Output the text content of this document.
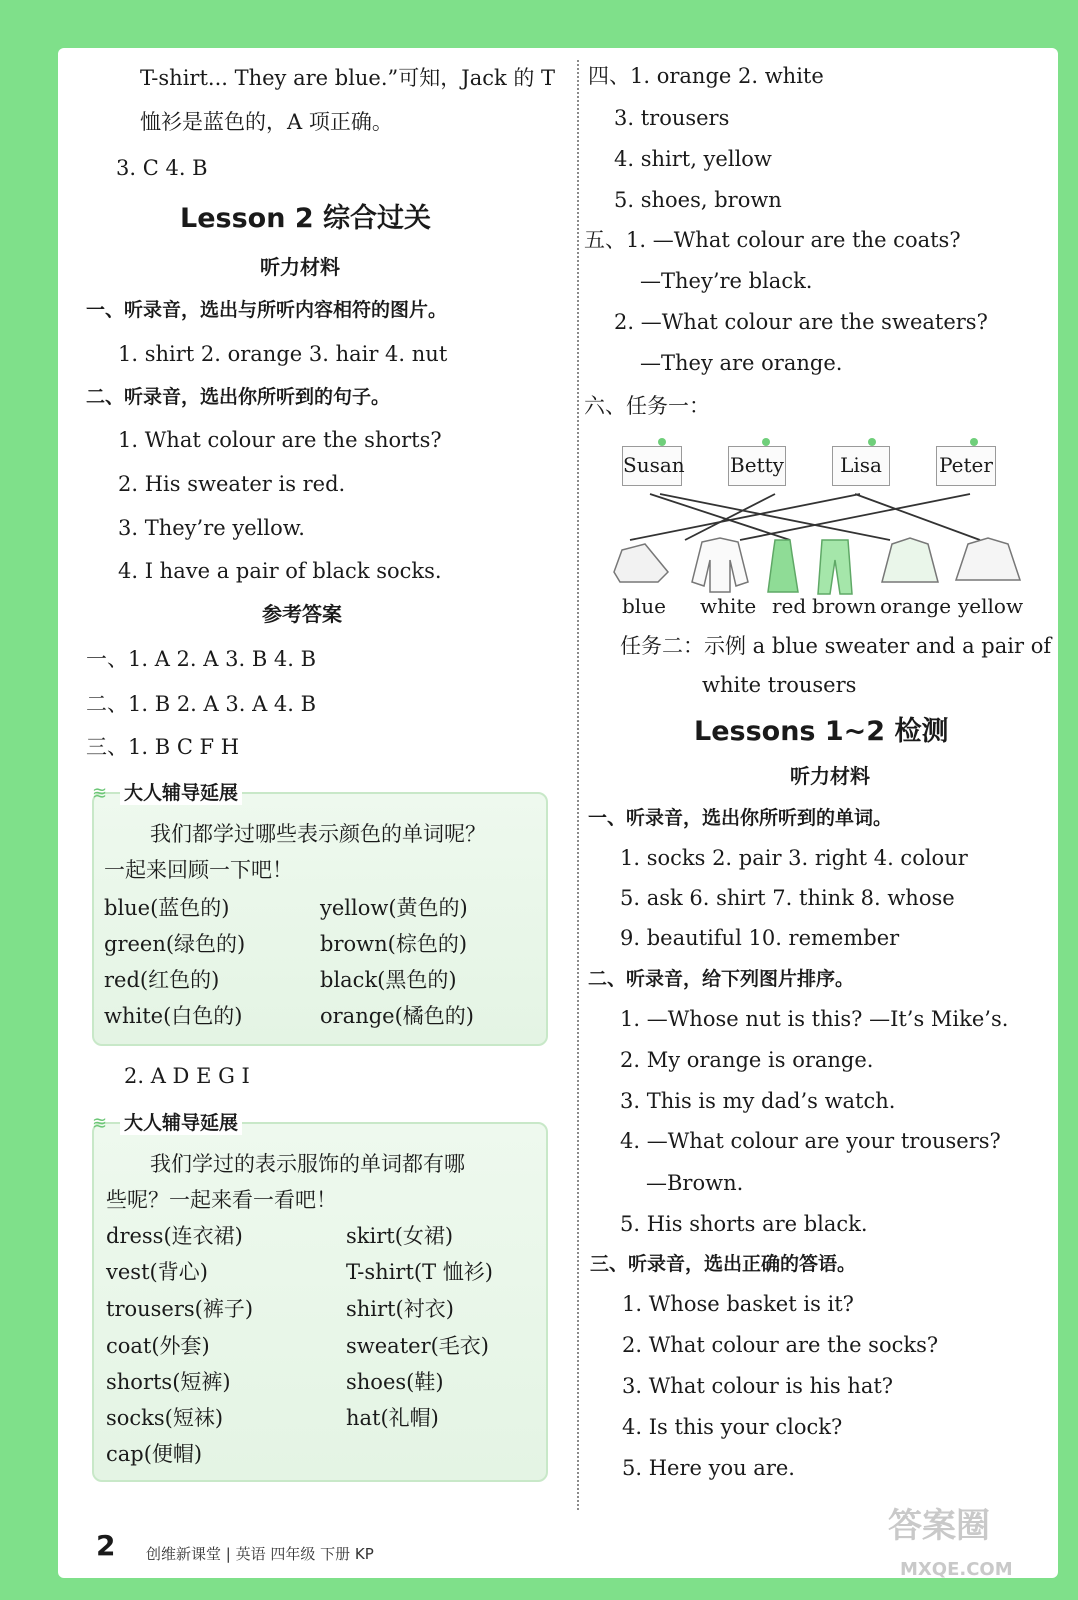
T-shirt... They are blue.”可知，Jack 的 T
恤衫是蓝色的，A 项正确。
3. C 4. B
Lesson 2 综合过关
听力材料
一、听录音，选出与所听内容相符的图片。
1. shirt 2. orange 3. hair 4. nut
二、听录音，选出你所听到的句子。
1. What colour are the shorts?
2. His sweater is red.
3. They’re yellow.
4. I have a pair of black socks.
参考答案
一、1. A 2. A 3. B 4. B
二、1. B 2. A 3. A 4. B
三、1. B C F H
≋ 大人辅导延展
我们都学过哪些表示颜色的单词呢？
一起来回顾一下吧！
blue(蓝色的)	yellow(黄色的)
green(绿色的)	brown(棕色的)
red(红色的)	black(黑色的)
white(白色的)	orange(橘色的)
2. A D E G I
≋ 大人辅导延展
我们学过的表示服饰的单词都有哪
些呢？一起来看一看吧！
dress(连衣裙)	skirt(女裙)
vest(背心)	T-shirt(T 恤衫)
trousers(裤子)	shirt(衬衣)
coat(外套)	sweater(毛衣)
shorts(短裤)	shoes(鞋)
socks(短袜)	hat(礼帽)
cap(便帽)
四、1. orange 2. white
3. trousers
4. shirt, yellow
5. shoes, brown
五、1. —What colour are the coats?
—They’re black.
2. —What colour are the sweaters?
—They are orange.
六、任务一：
Susan Betty	Lisa	Peter
blue white red brown orange yellow
任务二：示例 a blue sweater and a pair of
white trousers
Lessons 1~2 检测
听力材料
一、听录音，选出你所听到的单词。
1. socks 2. pair 3. right 4. colour
5. ask 6. shirt 7. think 8. whose
9. beautiful 10. remember
二、听录音，给下列图片排序。
1. —Whose nut is this? —It’s Mike’s.
2. My orange is orange.
3. This is my dad’s watch.
4. —What colour are your trousers?
—Brown.
5. His shorts are black.
三、听录音，选出正确的答语。
1. Whose basket is it?
2. What colour are the socks?
3. What colour is his hat?
4. Is this your clock?
5. Here you are.
2 创维新课堂 | 英语 四年级 下册 KP
答案圈
MXQE.COM
